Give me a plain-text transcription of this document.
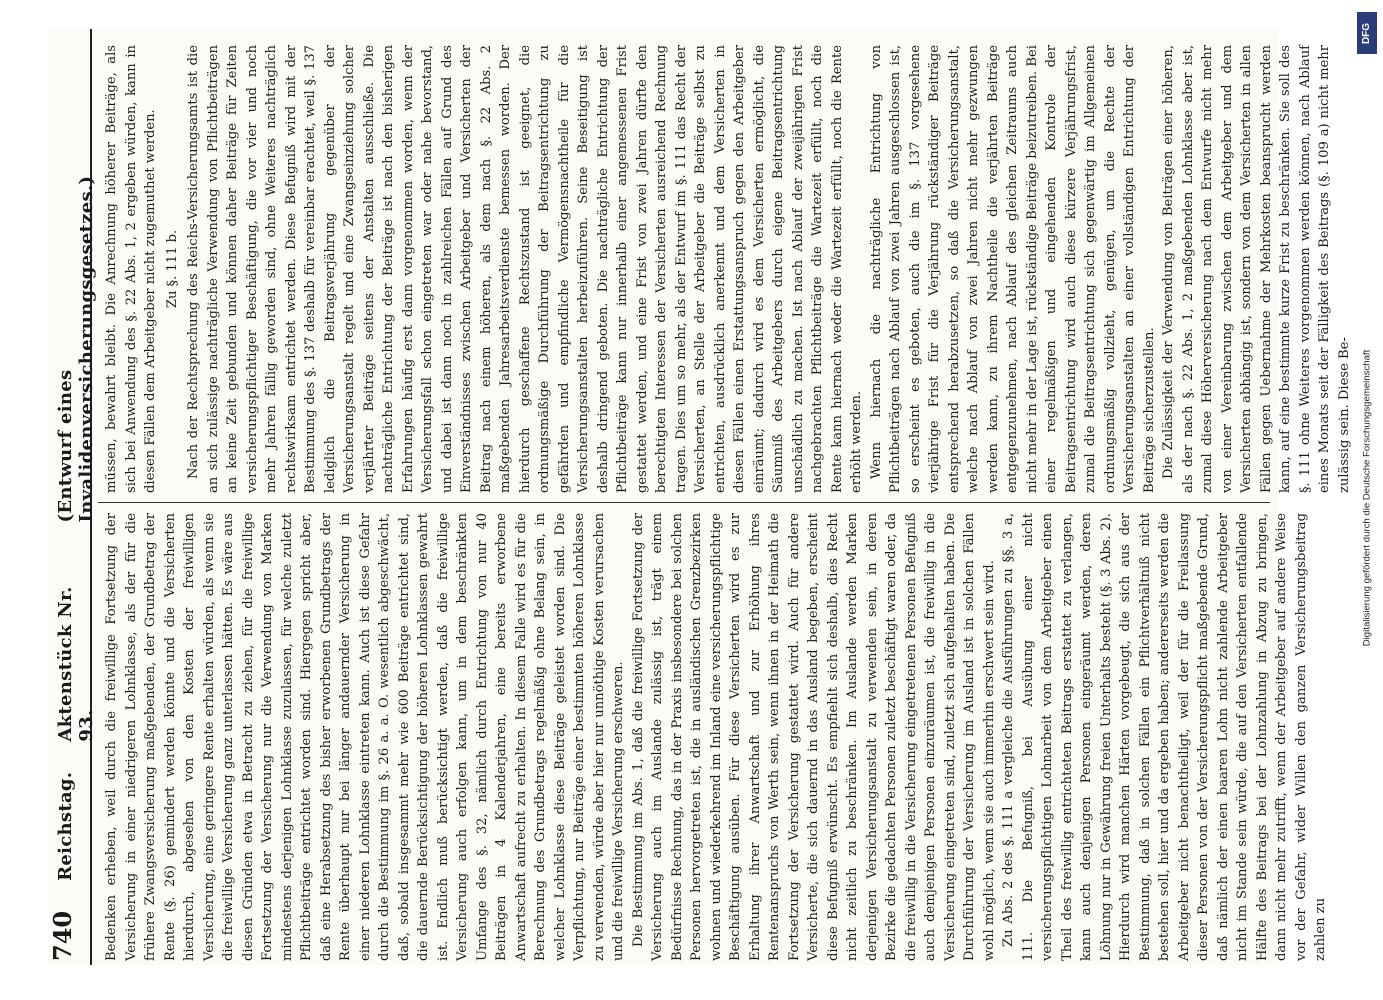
740
Reichstag.
Aktenstück Nr. 93.
(Entwurf eines Invalidenversicherungsgesetzes.)

Bedenken erheben, weil durch die freiwillige Fortsetzung der Versicherung in einer niedrigeren Lohnklasse, als der für die frühere Zwangsversicherung maßgebenden, der Grundbetrag der Rente (§. 26) gemindert werden könnte und die Versicherten hierdurch, abgesehen von den Kosten der freiwilligen Versicherung, eine geringere Rente erhalten würden, als wenn sie die freiwillige Versicherung ganz unterlassen hätten. Es wäre aus diesen Gründen etwa in Betracht zu ziehen, für die freiwillige Fortsetzung der Versicherung nur die Verwendung von Marken mindestens derjenigen Lohnklasse zuzulassen, für welche zuletzt Pflichtbeiträge entrichtet worden sind. Hiergegen spricht aber, daß eine Herabsetzung des bisher erworbenen Grundbetrags der Rente überhaupt nur bei länger andauernder Versicherung in einer niederen Lohnklasse eintreten kann. Auch ist diese Gefahr durch die Bestimmung im §. 26 a. a. O. wesentlich abgeschwächt, daß, sobald insgesammt mehr wie 600 Beiträge entrichtet sind, die dauernde Berücksichtigung der höheren Lohnklassen gewahrt ist. Endlich muß berücksichtigt werden, daß die freiwillige Versicherung auch erfolgen kann, um in dem beschränkten Umfange des §. 32, nämlich durch Entrichtung von nur 40 Beiträgen in 4 Kalenderjahren, eine bereits erworbene Anwartschaft aufrecht zu erhalten. In diesem Falle wird es für die Berechnung des Grundbetrags regelmäßig ohne Belang sein, in welcher Lohnklasse diese Beiträge geleistet worden sind. Die Verpflichtung, nur Beiträge einer bestimmten höheren Lohnklasse zu verwenden, würde aber hier nur unnöthige Kosten verursachen und die freiwillige Versicherung erschweren. Die Bestimmung im Abs. 1, daß die freiwillige Fortsetzung der Versicherung auch im Auslande zulässig ist, trägt einem Bedürfnisse Rechnung, das in der Praxis insbesondere bei solchen Personen hervorgetreten ist, die in ausländischen Grenzbezirken wohnen und wiederkehrend im Inland eine versicherungspflichtige Beschäftigung ausüben. Für diese Versicherten wird es zur Erhaltung ihrer Anwartschaft und zur Erhöhung ihres Rentenanspruchs von Werth sein, wenn ihnen in der Heimath die Fortsetzung der Versicherung gestattet wird. Auch für andere Versicherte, die sich dauernd in das Ausland begeben, erscheint diese Befugniß erwünscht. Es empfiehlt sich deshalb, dies Recht nicht zeitlich zu beschränken. Im Auslande werden Marken derjenigen Versicherungsanstalt zu verwenden sein, in deren Bezirke die gedachten Personen zuletzt beschäftigt waren oder, da die freiwillig in die Versicherung eingetretenen Personen Befugniß auch demjenigen Personen einzuräumen ist, die freiwillig in die Versicherung eingetreten sind, zuletzt sich aufgehalten haben. Die Durchführung der Versicherung im Ausland ist in solchen Fällen wohl möglich, wenn sie auch immerhin erschwert sein wird. Zu Abs. 2 des §. 111 a vergleiche die Ausführungen zu §§. 3 a, 111. Die Befugniß, bei Ausübung einer nicht versicherungspflichtigen Lohnarbeit von dem Arbeitgeber einen Theil des freiwillig entrichteten Beitrags erstattet zu verlangen, kann auch denjenigen Personen eingeräumt werden, deren Löhnung nur in Gewährung freien Unterhalts besteht (§. 3 Abs. 2). Hierdurch wird manchen Härten vorgebeugt, die sich aus der Bestimmung, daß in solchen Fällen ein Pflichtverhältniß nicht bestehen soll, hier und da ergeben haben; andererseits werden die Arbeitgeber nicht benachtheiligt, weil der für die Freilassung dieser Personen von der Versicherungspflicht maßgebende Grund, daß nämlich der einen baaren Lohn nicht zahlende Arbeitgeber nicht im Stande sein würde, die auf den Versicherten entfallende Hälfte des Beitrags bei der Lohnzahlung in Abzug zu bringen, dann nicht mehr zutrifft, wenn der Arbeitgeber auf andere Weise vor der Gefahr, wider Willen den ganzen Versicherungsbeitrag zahlen zu

müssen, bewahrt bleibt. Die Anrechnung höherer Beiträge, als sich bei Anwendung des §. 22 Abs. 1, 2 ergeben würden, kann in diesen Fällen dem Arbeitgeber nicht zugemuthet werden. Zu §. 111 b. Nach der Rechtsprechung des Reichs-Versicherungsamts ist die an sich zulässige nachträgliche Verwendung von Pflichtbeiträgen an keine Zeit gebunden und können daher Beiträge für Zeiten versicherungspflichtiger Beschäftigung, die vor vier und noch mehr Jahren fällig geworden sind, ohne Weiteres nachträglich rechtswirksam entrichtet werden. Diese Befugniß wird mit der Bestimmung des §. 137 deshalb für vereinbar erachtet, weil §. 137 lediglich die Beitragsverjährung gegenüber der Versicherungsanstalt regelt und eine Zwangseinziehung solcher verjährter Beiträge seitens der Anstalten ausschließe. Die nachträgliche Entrichtung der Beiträge ist nach den bisherigen Erfahrungen häufig erst dann vorgenommen worden, wenn der Versicherungsfall schon eingetreten war oder nahe bevorstand, und dabei ist dann noch in zahlreichen Fällen auf Grund des Einverständnisses zwischen Arbeitgeber und Versicherten der Beitrag nach einem höheren, als dem nach §. 22 Abs. 2 maßgebenden Jahresarbeitsverdienste bemessen worden. Der hierdurch geschaffene Rechtszustand ist geeignet, die ordnungsmäßige Durchführung der Beitragsentrichtung zu gefährden und empfindliche Vermögensnachtheile für die Versicherungsanstalten herbeizuführen. Seine Beseitigung ist deshalb dringend geboten. Die nachträgliche Entrichtung der Pflichtbeiträge kann nur innerhalb einer angemessenen Frist gestattet werden, und eine Frist von zwei Jahren dürfte den berechtigten Interessen der Versicherten ausreichend Rechnung tragen. Dies um so mehr, als der Entwurf im §. 111 das Recht der Versicherten, an Stelle der Arbeitgeber die Beiträge selbst zu entrichten, ausdrücklich anerkennt und dem Versicherten in diesen Fällen einen Erstattungsanspruch gegen den Arbeitgeber einräumt; dadurch wird es dem Versicherten ermöglicht, die Säumniß des Arbeitgebers durch eigene Beitragsentrichtung unschädlich zu machen. Ist nach Ablauf der zweijährigen Frist nachgebrachten Pflichtbeiträge die Wartezeit erfüllt, noch die Rente kann hiernach weder die Wartezeit erfüllt, noch die Rente erhöht werden. Wenn hiernach die nachträgliche Entrichtung von Pflichtbeiträgen nach Ablauf von zwei Jahren ausgeschlossen ist, so erscheint es geboten, auch die im §. 137 vorgesehene vierjährige Frist für die Verjährung rückständiger Beiträge entsprechend herabzusetzen, so daß die Versicherungsanstalt, welche nach Ablauf von zwei Jahren nicht mehr gezwungen werden kann, zu ihrem Nachtheile die verjährten Beiträge entgegenzunehmen, nach Ablauf des gleichen Zeitraums auch nicht mehr in der Lage ist, rückständige Beiträge beizutreiben. Bei einer regelmäßigen und eingehenden Kontrole der Beitragsentrichtung wird auch diese kürzere Verjährungsfrist, zumal die Beitragsentrichtung sich gegenwärtig im Allgemeinen ordnungsmäßig vollzieht, genügen, um die Rechte der Versicherungsanstalten an einer vollständigen Entrichtung der Beiträge sicherzustellen. Die Zulässigkeit der Verwendung von Beiträgen einer höheren, als der nach §. 22 Abs. 1, 2 maßgebenden Lohnklasse aber ist, zumal diese Höherversicherung nach dem Entwurfe nicht mehr von einer Vereinbarung zwischen dem Arbeitgeber und dem Versicherten abhängig ist, sondern von dem Versicherten in allen Fällen gegen Uebernahme der Mehrkosten beansprucht werden kann, auf eine bestimmte kurze Frist zu beschränken. Sie soll des §. 111 ohne Weiteres vorgenommen werden können, nach Ablauf eines Monats seit der Fälligkeit des Beitrags (§. 109 a) nicht mehr zulässig sein. Diese Be-

DFG
Digitalisierung gefördert durch die Deutsche Forschungsgemeinschaft
